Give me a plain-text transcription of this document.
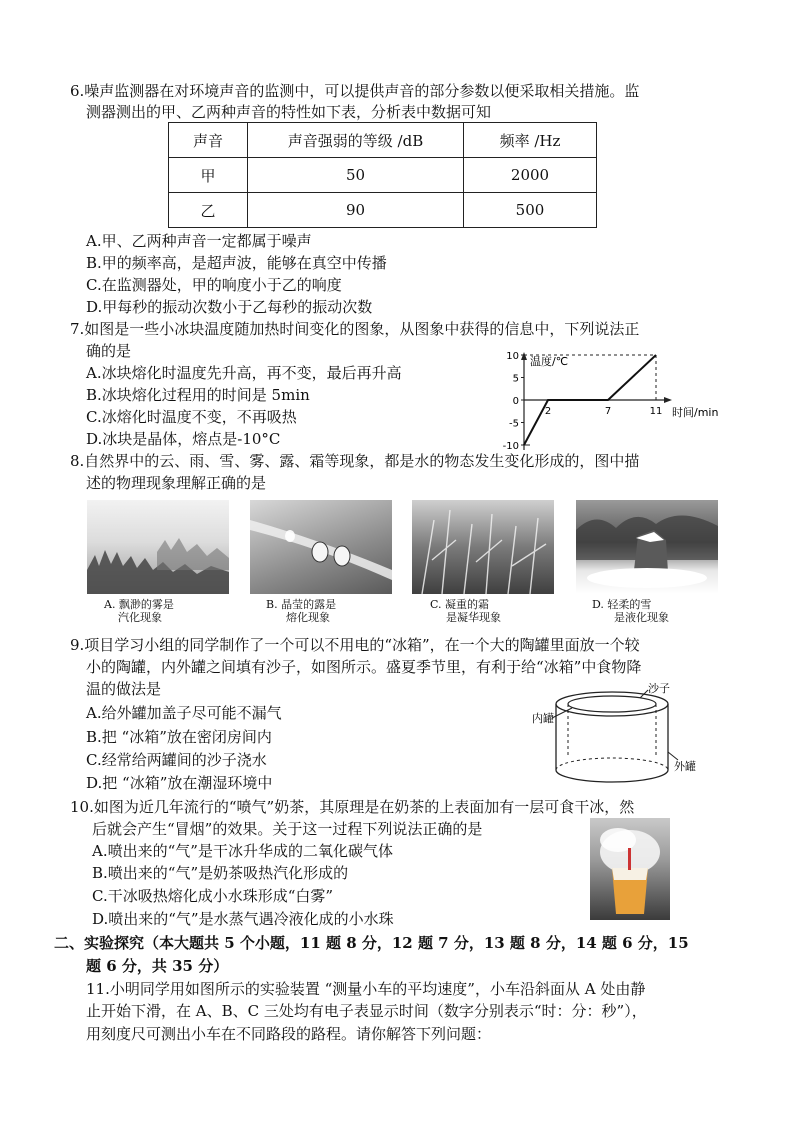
6.噪声监测器在对环境声音的监测中，可以提供声音的部分参数以便采取相关措施。监
测器测出的甲、乙两种声音的特性如下表，分析表中数据可知
声音	声音强弱的等级 /dB	频率 /Hz
甲	50	2000
乙	90	500
A.甲、乙两种声音一定都属于噪声
B.甲的频率高，是超声波，能够在真空中传播
C.在监测器处，甲的响度小于乙的响度
D.甲每秒的振动次数小于乙每秒的振动次数
7.如图是一些小冰块温度随加热时间变化的图象，从图象中获得的信息中，下列说法正
确的是
A.冰块熔化时温度先升高，再不变，最后再升高
B.冰块熔化过程用的时间是 5min
C.冰熔化时温度不变，不再吸热
D.冰块是晶体，熔点是-10°C
温度/℃
时间/min
10
5
0
-5
-10
2	7	11
8.自然界中的云、雨、雪、雾、露、霜等现象，都是水的物态发生变化形成的，图中描
述的物理现象理解正确的是
A. 飘渺的雾是
汽化现象
B. 晶莹的露是
熔化现象
C. 凝重的霜
是凝华现象
D. 轻柔的雪
是液化现象
9.项目学习小组的同学制作了一个可以不用电的“冰箱”，在一个大的陶罐里面放一个较
小的陶罐，内外罐之间填有沙子，如图所示。盛夏季节里，有利于给“冰箱”中食物降
温的做法是
A.给外罐加盖子尽可能不漏气
B.把 “冰箱”放在密闭房间内
C.经常给两罐间的沙子浇水
D.把 “冰箱”放在潮湿环境中
沙子
内罐
外罐
10.如图为近几年流行的“喷气”奶茶，其原理是在奶茶的上表面加有一层可食干冰，然
后就会产生“冒烟”的效果。关于这一过程下列说法正确的是
A.喷出来的“气”是干冰升华成的二氧化碳气体
B.喷出来的“气”是奶茶吸热汽化形成的
C.干冰吸热熔化成小水珠形成“白雾”
D.喷出来的“气”是水蒸气遇冷液化成的小水珠
二、实验探究（本大题共 5 个小题，11 题 8 分，12 题 7 分，13 题 8 分，14 题 6 分，15
题 6 分，共 35 分）
11.小明同学用如图所示的实验装置 “测量小车的平均速度”，小车沿斜面从 A 处由静
止开始下滑，在 A、B、C 三处均有电子表显示时间（数字分别表示“时：分：秒”），
用刻度尺可测出小车在不同路段的路程。请你解答下列问题：
